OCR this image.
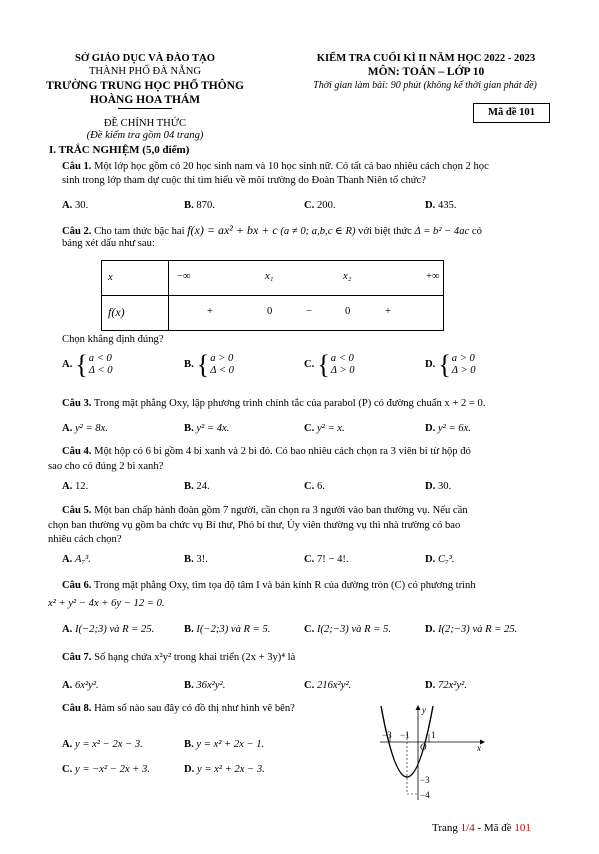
SỞ GIÁO DỤC VÀ ĐÀO TẠO
THÀNH PHỐ ĐÀ NẴNG
TRƯỜNG TRUNG HỌC PHỔ THÔNG
HOÀNG HOA THÁM
ĐỀ CHÍNH THỨC
(Đề kiểm tra gồm 04 trang)
KIỂM TRA CUỐI KÌ II NĂM HỌC 2022 - 2023
MÔN: TOÁN – LỚP 10
Thời gian làm bài: 90 phút (không kể thời gian phát đề)
Mã đề 101
I. TRẮC NGHIỆM (5,0 điểm)
Câu 1. Một lớp học gồm có 20 học sinh nam và 10 học sinh nữ. Có tất cả bao nhiêu cách chọn 2 học
sinh trong lớp tham dự cuộc thi tìm hiểu về môi trường do Đoàn Thanh Niên tổ chức?
A. 30.	B. 870.	C. 200.	D. 435.
Câu 2. Cho tam thức bậc hai f(x) = ax² + bx + c (a ≠ 0; a,b,c ∈ R) với biệt thức Δ = b² − 4ac có
bảng xét dấu như sau:
x	−∞ x₁ x₂ +∞

f(x)	+ 0 − 0 +
Chọn khẳng định đúng?
A. { a < 0
Δ < 0
B. { a > 0
Δ < 0
C. { a < 0
Δ > 0
D. { a > 0
Δ > 0
Câu 3. Trong mặt phẳng Oxy, lập phương trình chính tắc của parabol (P) có đường chuẩn x + 2 = 0.
A. y² = 8x.	B. y² = 4x.	C. y² = x.	D. y² = 6x.
Câu 4. Một hộp có 6 bi gồm 4 bi xanh và 2 bi đỏ. Có bao nhiêu cách chọn ra 3 viên bi từ hộp đó
sao cho có đúng 2 bi xanh?
A. 12.	B. 24.	C. 6.	D. 30.
Câu 5. Một ban chấp hành đoàn gồm 7 người, cần chọn ra 3 người vào ban thường vụ. Nếu cần
chọn ban thường vụ gồm ba chức vụ Bí thư, Phó bí thư, Ủy viên thường vụ thì nhà trường có bao
nhiêu cách chọn?
A. A₇³.	B. 3!.	C. 7! − 4!.	D. C₇³.
Câu 6. Trong mặt phẳng Oxy, tìm tọa độ tâm I và bán kính R của đường tròn (C) có phương trình
x² + y² − 4x + 6y − 12 = 0.
A. I(−2;3) và R = 25.	B. I(−2;3) và R = 5.	C. I(2;−3) và R = 5.	D. I(2;−3) và R = 25.
Câu 7. Số hạng chứa x²y² trong khai triển (2x + 3y)⁴ là
A. 6x²y².	B. 36x²y².	C. 216x²y².	D. 72x²y².
Câu 8. Hàm số nào sau đây có đồ thị như hình vẽ bên?
A. y = x² − 2x − 3.	B. y = x² + 2x − 1.
C. y = −x² − 2x + 3.	D. y = x² + 2x − 3.
y
x
O
−3 −1 1
−3
−4
Trang 1/4 - Mã đề 101
